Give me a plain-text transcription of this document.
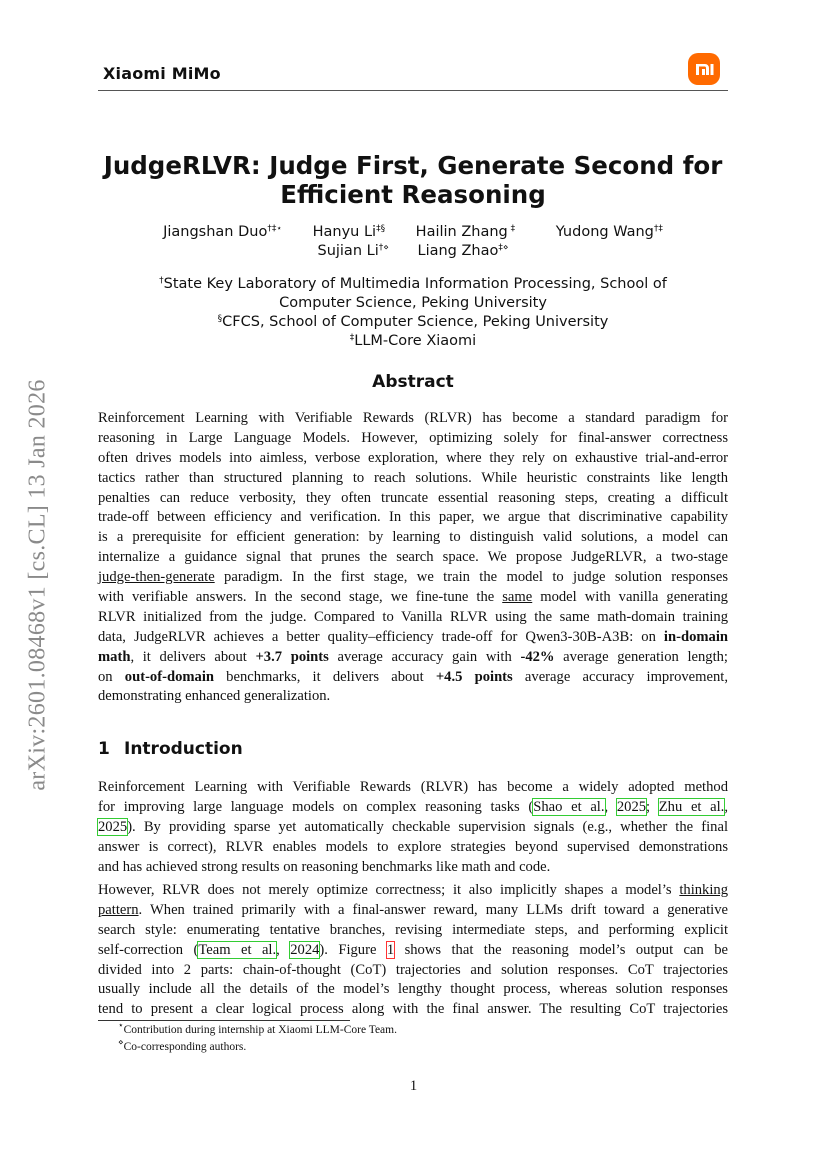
Xiaomi MiMo
arXiv:2601.08468v1 [cs.CL] 13 Jan 2026
JudgeRLVR: Judge First, Generate Second for
Efficient Reasoning
Jiangshan Duo†‡⋆ Hanyu Li‡§ Hailin Zhang ‡	Yudong Wang†‡
Sujian Li†⋄ Liang Zhao‡⋄
†State Key Laboratory of Multimedia Information Processing, School of
Computer Science, Peking University
§CFCS, School of Computer Science, Peking University
‡LLM-Core Xiaomi
Abstract
Reinforcement Learning with Verifiable Rewards (RLVR) has become a standard paradigm for
reasoning in Large Language Models. However, optimizing solely for final-answer correctness
often drives models into aimless, verbose exploration, where they rely on exhaustive trial-and-error
tactics rather than structured planning to reach solutions. While heuristic constraints like length
penalties can reduce verbosity, they often truncate essential reasoning steps, creating a difficult
trade-off between efficiency and verification. In this paper, we argue that discriminative capability
is a prerequisite for efficient generation: by learning to distinguish valid solutions, a model can
internalize a guidance signal that prunes the search space. We propose JudgeRLVR, a two-stage
judge-then-generate paradigm. In the first stage, we train the model to judge solution responses
with verifiable answers. In the second stage, we fine-tune the same model with vanilla generating
RLVR initialized from the judge. Compared to Vanilla RLVR using the same math-domain training
data, JudgeRLVR achieves a better quality–efficiency trade-off for Qwen3-30B-A3B: on in-domain
math, it delivers about +3.7 points average accuracy gain with -42% average generation length;
on out-of-domain benchmarks, it delivers about +4.5 points average accuracy improvement,
demonstrating enhanced generalization.
1 Introduction
Reinforcement Learning with Verifiable Rewards (RLVR) has become a widely adopted method
for improving large language models on complex reasoning tasks (Shao et al., 2025; Zhu et al.,
2025). By providing sparse yet automatically checkable supervision signals (e.g., whether the final
answer is correct), RLVR enables models to explore strategies beyond supervised demonstrations
and has achieved strong results on reasoning benchmarks like math and code.
However, RLVR does not merely optimize correctness; it also implicitly shapes a model’s thinking
pattern. When trained primarily with a final-answer reward, many LLMs drift toward a generative
search style: enumerating tentative branches, revising intermediate steps, and performing explicit
self-correction (Team et al., 2024). Figure 1 shows that the reasoning model’s output can be
divided into 2 parts: chain-of-thought (CoT) trajectories and solution responses. CoT trajectories
usually include all the details of the model’s lengthy thought process, whereas solution responses
tend to present a clear logical process along with the final answer. The resulting CoT trajectories
⋆Contribution during internship at Xiaomi LLM-Core Team.
⋄Co-corresponding authors.
1
